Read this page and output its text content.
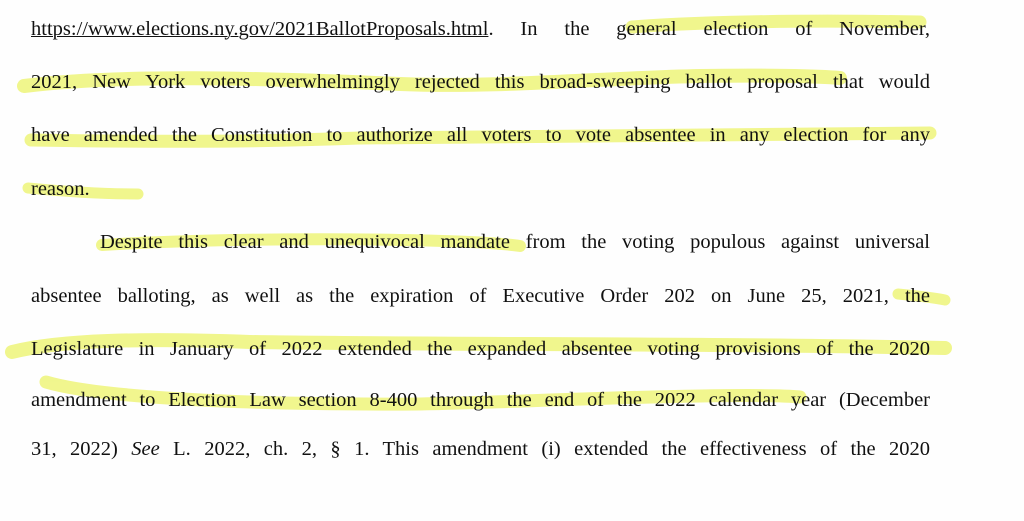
https://www.elections.ny.gov/2021BallotProposals.html. In the general election of November,
2021, New York voters overwhelmingly rejected this broad-sweeping ballot proposal that would
have amended the Constitution to authorize all voters to vote absentee in any election for any
reason.
Despite this clear and unequivocal mandate from the voting populous against universal
absentee balloting, as well as the expiration of Executive Order 202 on June 25, 2021, the
Legislature in January of 2022 extended the expanded absentee voting provisions of the 2020
amendment to Election Law section 8-400 through the end of the 2022 calendar year (December
31, 2022) See L. 2022, ch. 2, § 1. This amendment (i) extended the effectiveness of the 2020
